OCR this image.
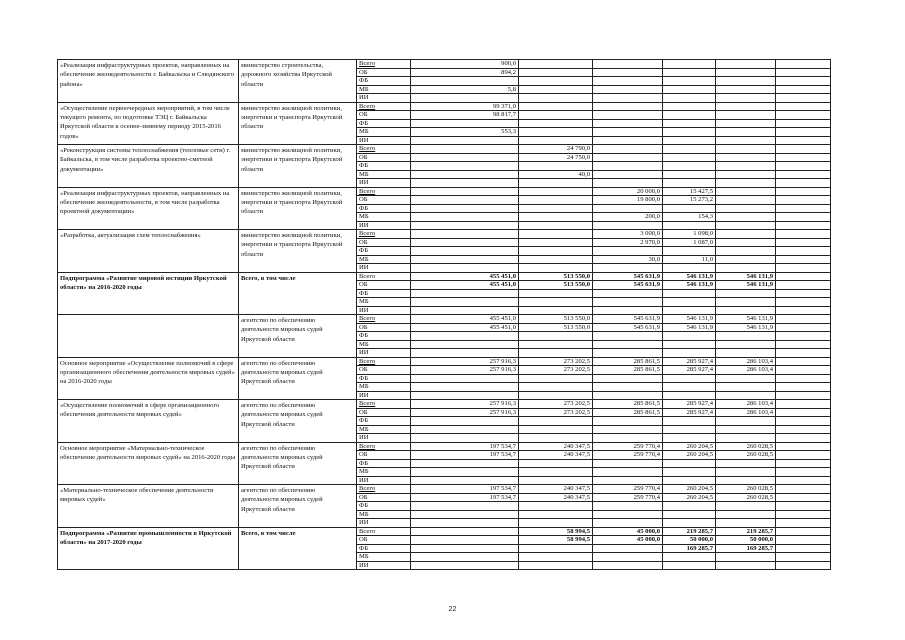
«Реализация инфраструктурных проектов, направленных на обеспечение жизнедеятельности г. Байкальска и Слюдянского района»	министерство строительства, дорожного хозяйства Иркутской области	Всего	900,0					
		ОБ	894,2					
		ФБ						
		МБ	5,8					
		ИИ						
«Осуществление первоочередных мероприятий, в том числе текущего ремонта, по подготовке ТЭЦ г. Байкальска Иркутской области к осенне-зимнему периоду 2015-2016 годов»	министерство жилищной политики, энергетики и транспорта Иркутской области	Всего	99 371,0					
		ОБ	98 817,7					
		ФБ						
		МБ	553,3					
		ИИ						
«Реконструкция системы теплоснабжения (тепловые сети) г. Байкальска, в том числе разработка проектно-сметной документации»	министерство жилищной политики, энергетики и транспорта Иркутской области	Всего		24 790,0				
		ОБ		24 750,0				
		ФБ						
		МБ		40,0				
		ИИ						
«Реализация инфраструктурных проектов, направленных на обеспечение жизнедеятельности, в том числе разработка проектной документации»	министерство жилищной политики, энергетики и транспорта Иркутской области	Всего			20 000,0	15 427,5		
		ОБ			19 800,0	15 273,2		
		ФБ						
		МБ			200,0	154,3		
		ИИ						
«Разработка, актуализация схем теплоснабжения»	министерство жилищной политики, энергетики и транспорта Иркутской области	Всего			3 000,0	1 098,0		
		ОБ			2 970,0	1 087,0		
		ФБ						
		МБ			30,0	11,0		
		ИИ						
Подпрограмма «Развитие мировой юстиции Иркутской области» на 2016-2020 годы	Всего, в том числе	Всего	455 451,0	513 550,0	545 631,9	546 131,9	546 131,9	
		ОБ	455 451,0	513 550,0	545 631,9	546 131,9	546 131,9	
		ФБ						
		МБ						
		ИИ						
	агентство по обеспечению деятельности мировых судей Иркутской области	Всего	455 451,0	513 550,0	545 631,9	546 131,9	546 131,9	
		ОБ	455 451,0	513 550,0	545 631,9	546 131,9	546 131,9	
		ФБ						
		МБ						
		ИИ						
Основное мероприятие «Осуществление полномочий в сфере организационного обеспечения деятельности мировых судей» на 2016-2020 годы	агентство по обеспечению деятельности мировых судей Иркутской области	Всего	257 916,3	273 202,5	285 861,5	285 927,4	286 103,4	
		ОБ	257 916,3	273 202,5	285 861,5	285 927,4	286 103,4	
		ФБ						
		МБ						
		ИИ						
«Осуществление полномочий в сфере организационного обеспечения деятельности мировых судей»	агентство по обеспечению деятельности мировых судей Иркутской области	Всего	257 916,3	273 202,5	285 861,5	285 927,4	286 103,4	
		ОБ	257 916,3	273 202,5	285 861,5	285 927,4	286 103,4	
		ФБ						
		МБ						
		ИИ						
Основное мероприятие «Материально-техническое обеспечение деятельности мировых судей» на 2016-2020 годы	агентство по обеспечению деятельности мировых судей Иркутской области	Всего	197 534,7	240 347,5	259 770,4	260 204,5	260 028,5	
		ОБ	197 534,7	240 347,5	259 770,4	260 204,5	260 028,5	
		ФБ						
		МБ						
		ИИ						
«Материально-техническое обеспечение деятельности мировых судей»	агентство по обеспечению деятельности мировых судей Иркутской области	Всего	197 534,7	240 347,5	259 770,4	260 204,5	260 028,5	
		ОБ	197 534,7	240 347,5	259 770,4	260 204,5	260 028,5	
		ФБ						
		МБ						
		ИИ						
Подпрограмма «Развитие промышленности в Иркутской области» на 2017-2020 годы	Всего, в том числе	Всего		58 994,5	45 000,0	219 285,7	219 285,7	
		ОБ		58 994,5	45 000,0	50 000,0	50 000,0	
		ФБ				169 285,7	169 285,7	
		МБ						
		ИИ						
22
